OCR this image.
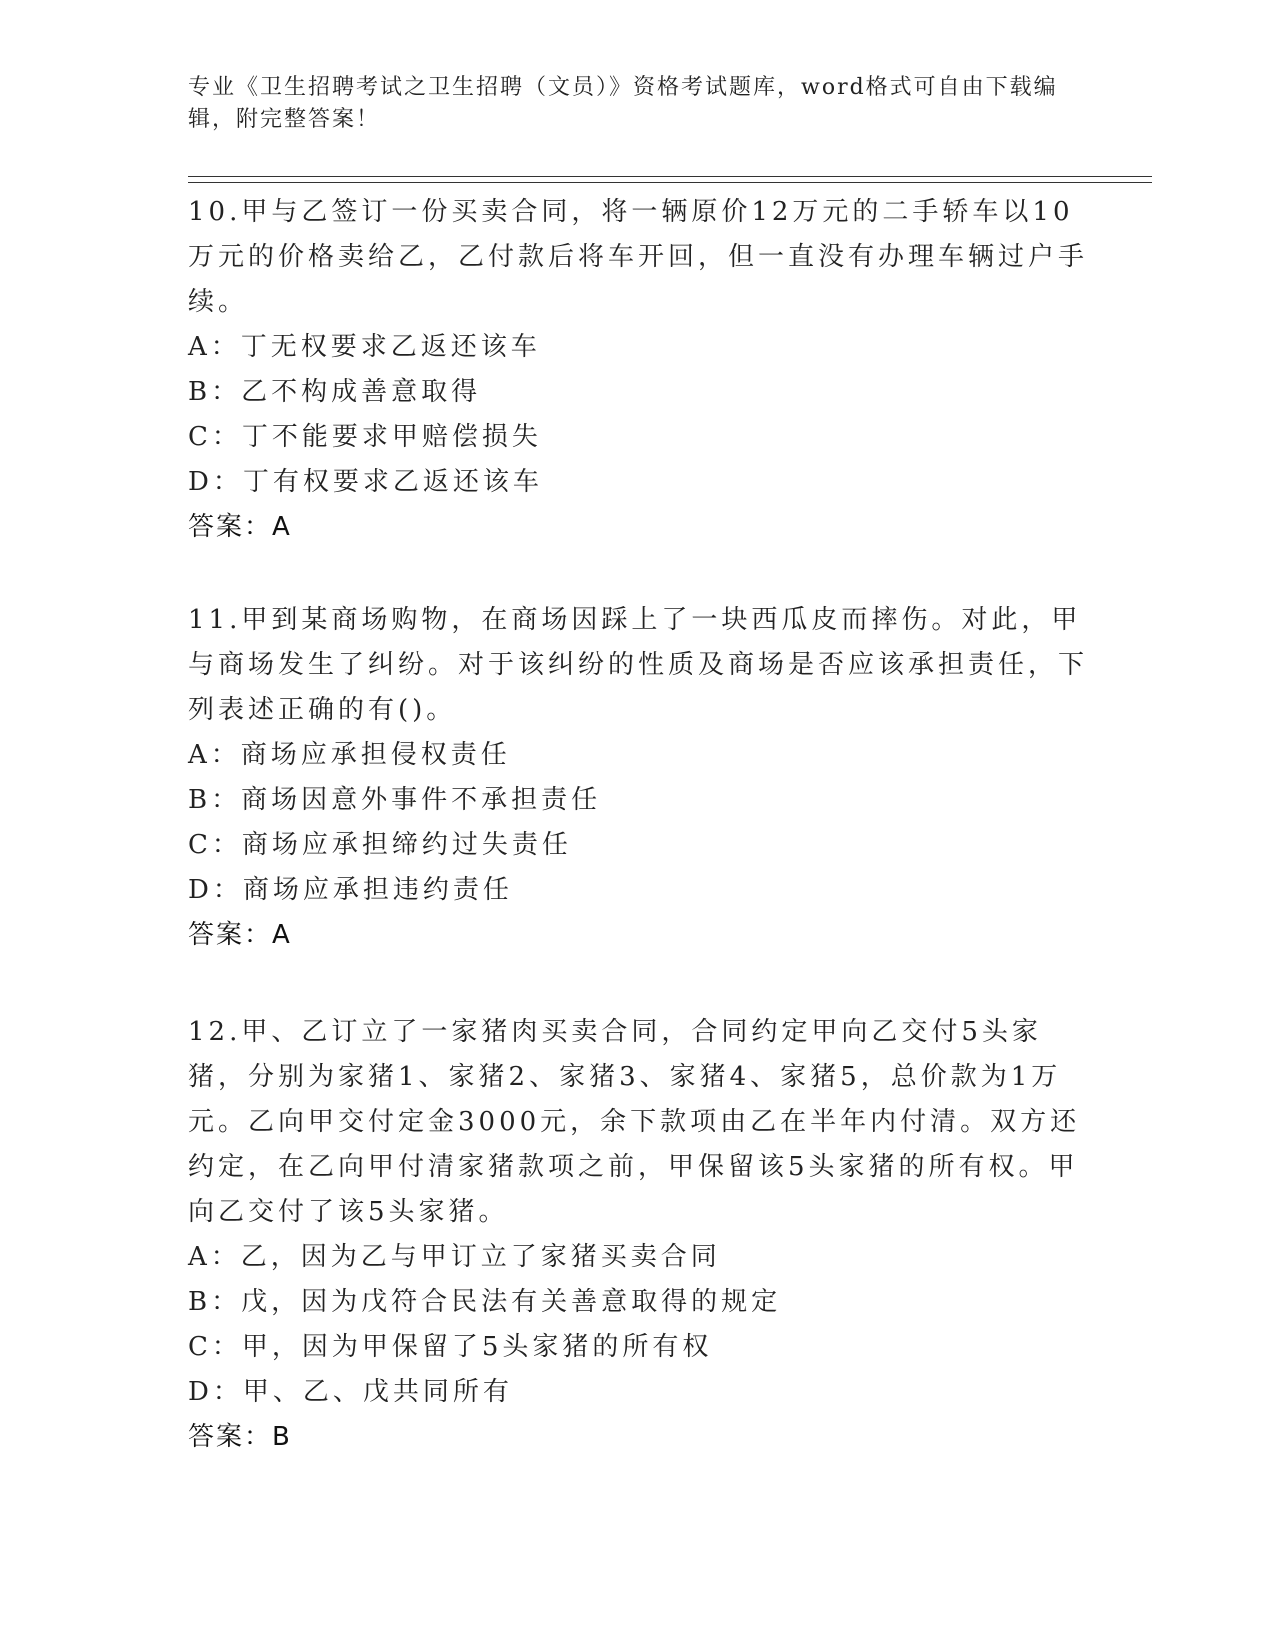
专业《卫生招聘考试之卫生招聘（文员）》资格考试题库，word格式可自由下载编辑，附完整答案！

10.甲与乙签订一份买卖合同，将一辆原价12万元的二手轿车以10万元的价格卖给乙，乙付款后将车开回，但一直没有办理车辆过户手续。

A：丁无权要求乙返还该车
B：乙不构成善意取得
C：丁不能要求甲赔偿损失
D：丁有权要求乙返还该车
答案：A

11.甲到某商场购物，在商场因踩上了一块西瓜皮而摔伤。对此，甲与商场发生了纠纷。对于该纠纷的性质及商场是否应该承担责任，下列表述正确的有()。

A：商场应承担侵权责任
B：商场因意外事件不承担责任
C：商场应承担缔约过失责任
D：商场应承担违约责任
答案：A

12.甲、乙订立了一家猪肉买卖合同，合同约定甲向乙交付5头家猪，分别为家猪1、家猪2、家猪3、家猪4、家猪5，总价款为1万元。乙向甲交付定金3000元，余下款项由乙在半年内付清。双方还约定，在乙向甲付清家猪款项之前，甲保留该5头家猪的所有权。甲向乙交付了该5头家猪。

A：乙，因为乙与甲订立了家猪买卖合同
B：戊，因为戊符合民法有关善意取得的规定
C：甲，因为甲保留了5头家猪的所有权
D：甲、乙、戊共同所有
答案：B
